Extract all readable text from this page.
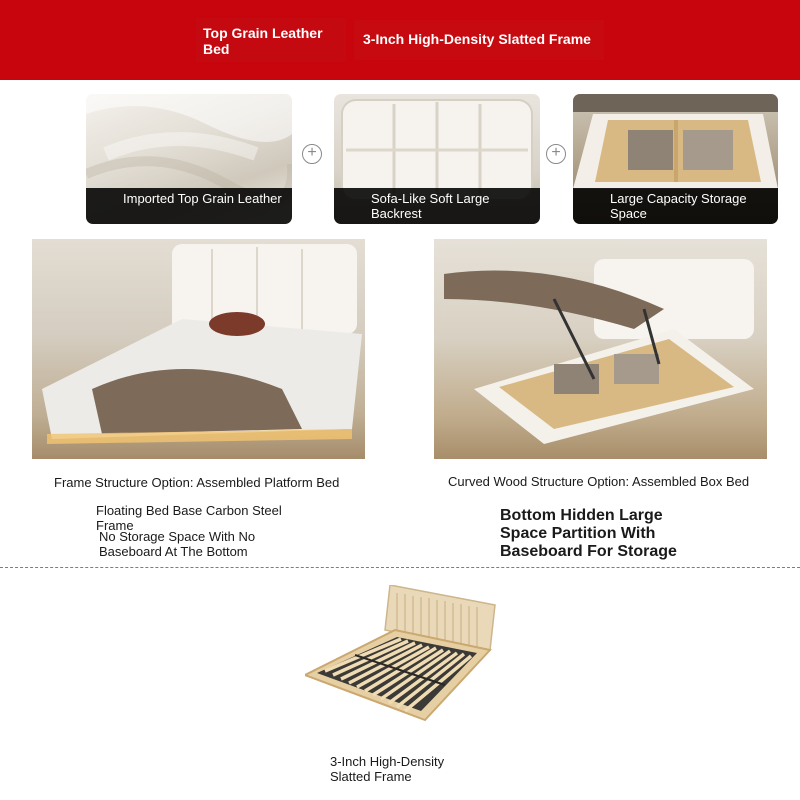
Top Grain Leather Bed
3-Inch High-Density Slatted Frame
Imported Top Grain Leather
+
Sofa-Like Soft Large Backrest
+
Large Capacity Storage Space
Frame Structure Option: Assembled Platform Bed
Floating Bed Base Carbon Steel Frame
No Storage Space With No Baseboard At The Bottom
Curved Wood Structure Option: Assembled Box Bed
Bottom Hidden Large Space Partition With Baseboard For Storage
3-Inch High-Density Slatted Frame
